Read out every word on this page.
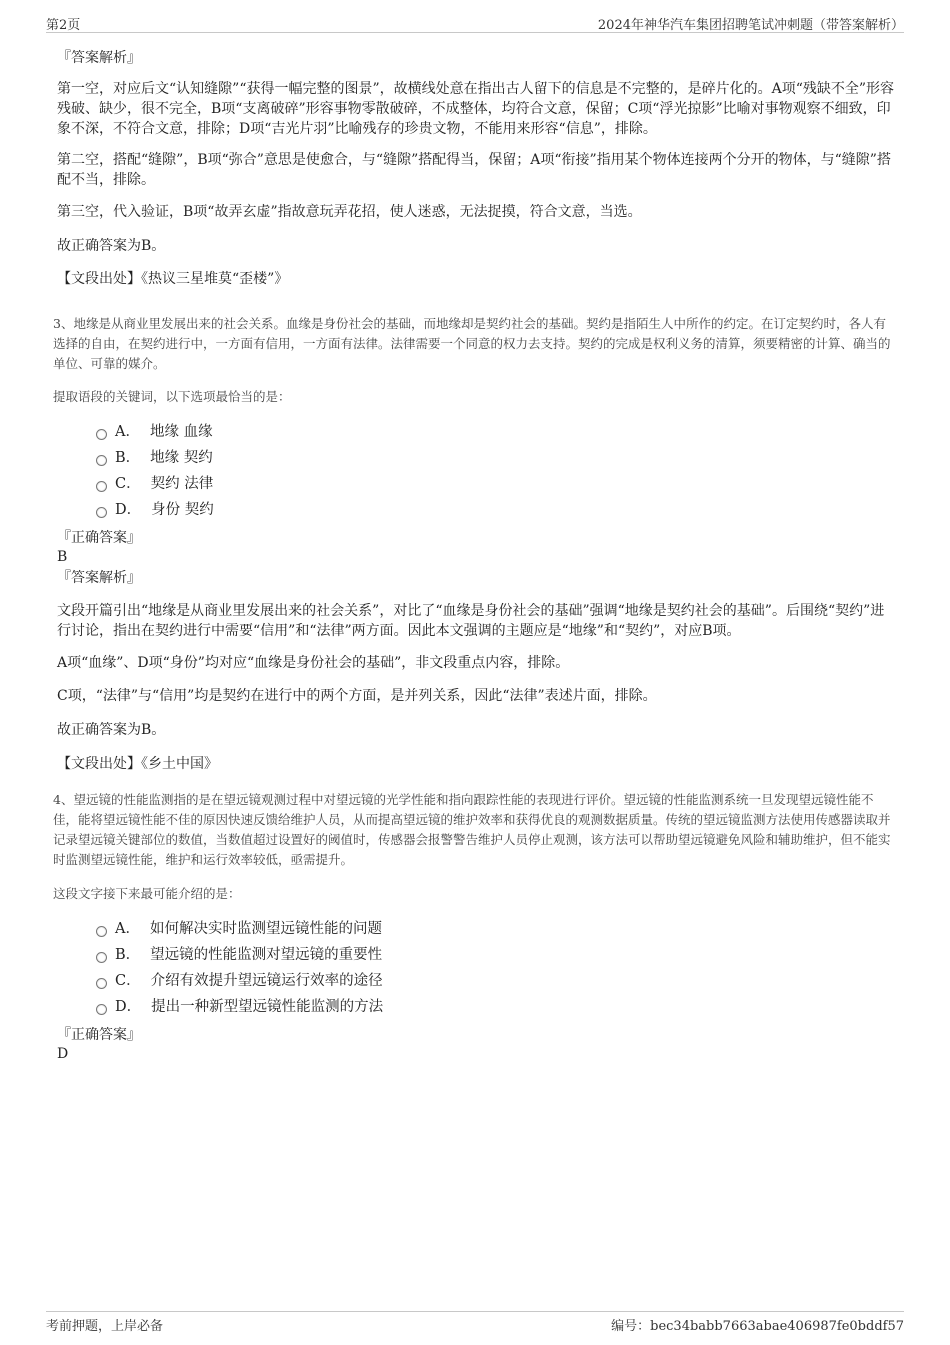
第2页	2024年神华汽车集团招聘笔试冲刺题（带答案解析）
『答案解析』

第一空，对应后文“认知缝隙”“获得一幅完整的图景”，故横线处意在指出古人留下的信息是不完整的，是碎片化的。A项“残缺不全”形容残破、缺少，很不完全，B项“支离破碎”形容事物零散破碎，不成整体，均符合文意，保留；C项“浮光掠影”比喻对事物观察不细致，印象不深，不符合文意，排除；D项“吉光片羽”比喻残存的珍贵文物，不能用来形容“信息”，排除。

第二空，搭配“缝隙”，B项“弥合”意思是使愈合，与“缝隙”搭配得当，保留；A项“衔接”指用某个物体连接两个分开的物体，与“缝隙”搭配不当，排除。

第三空，代入验证，B项“故弄玄虚”指故意玩弄花招，使人迷惑，无法捉摸，符合文意，当选。

故正确答案为B。

【文段出处】《热议三星堆莫“歪楼”》

3、地缘是从商业里发展出来的社会关系。血缘是身份社会的基础，而地缘却是契约社会的基础。契约是指陌生人中所作的约定。在订定契约时，各人有选择的自由，在契约进行中，一方面有信用，一方面有法律。法律需要一个同意的权力去支持。契约的完成是权利义务的清算，须要精密的计算、确当的单位、可靠的媒介。

提取语段的关键词，以下选项最恰当的是：

A． 地缘 血缘
B． 地缘 契约
C． 契约 法律
D． 身份 契约
『正确答案』
B
『答案解析』

文段开篇引出“地缘是从商业里发展出来的社会关系”，对比了“血缘是身份社会的基础”强调“地缘是契约社会的基础”。后围绕“契约”进行讨论，指出在契约进行中需要“信用”和“法律”两方面。因此本文强调的主题应是“地缘”和“契约”，对应B项。

A项“血缘”、D项“身份”均对应“血缘是身份社会的基础”，非文段重点内容，排除。

C项，“法律”与“信用”均是契约在进行中的两个方面，是并列关系，因此“法律”表述片面，排除。

故正确答案为B。

【文段出处】《乡土中国》

4、望远镜的性能监测指的是在望远镜观测过程中对望远镜的光学性能和指向跟踪性能的表现进行评价。望远镜的性能监测系统一旦发现望远镜性能不佳，能将望远镜性能不佳的原因快速反馈给维护人员，从而提高望远镜的维护效率和获得优良的观测数据质量。传统的望远镜监测方法使用传感器读取并记录望远镜关键部位的数值，当数值超过设置好的阈值时，传感器会报警警告维护人员停止观测，该方法可以帮助望远镜避免风险和辅助维护，但不能实时监测望远镜性能，维护和运行效率较低，亟需提升。

这段文字接下来最可能介绍的是：

A． 如何解决实时监测望远镜性能的问题
B． 望远镜的性能监测对望远镜的重要性
C． 介绍有效提升望远镜运行效率的途径
D． 提出一种新型望远镜性能监测的方法
『正确答案』
D
考前押题，上岸必备	编号：bec34babb7663abae406987fe0bddf57
